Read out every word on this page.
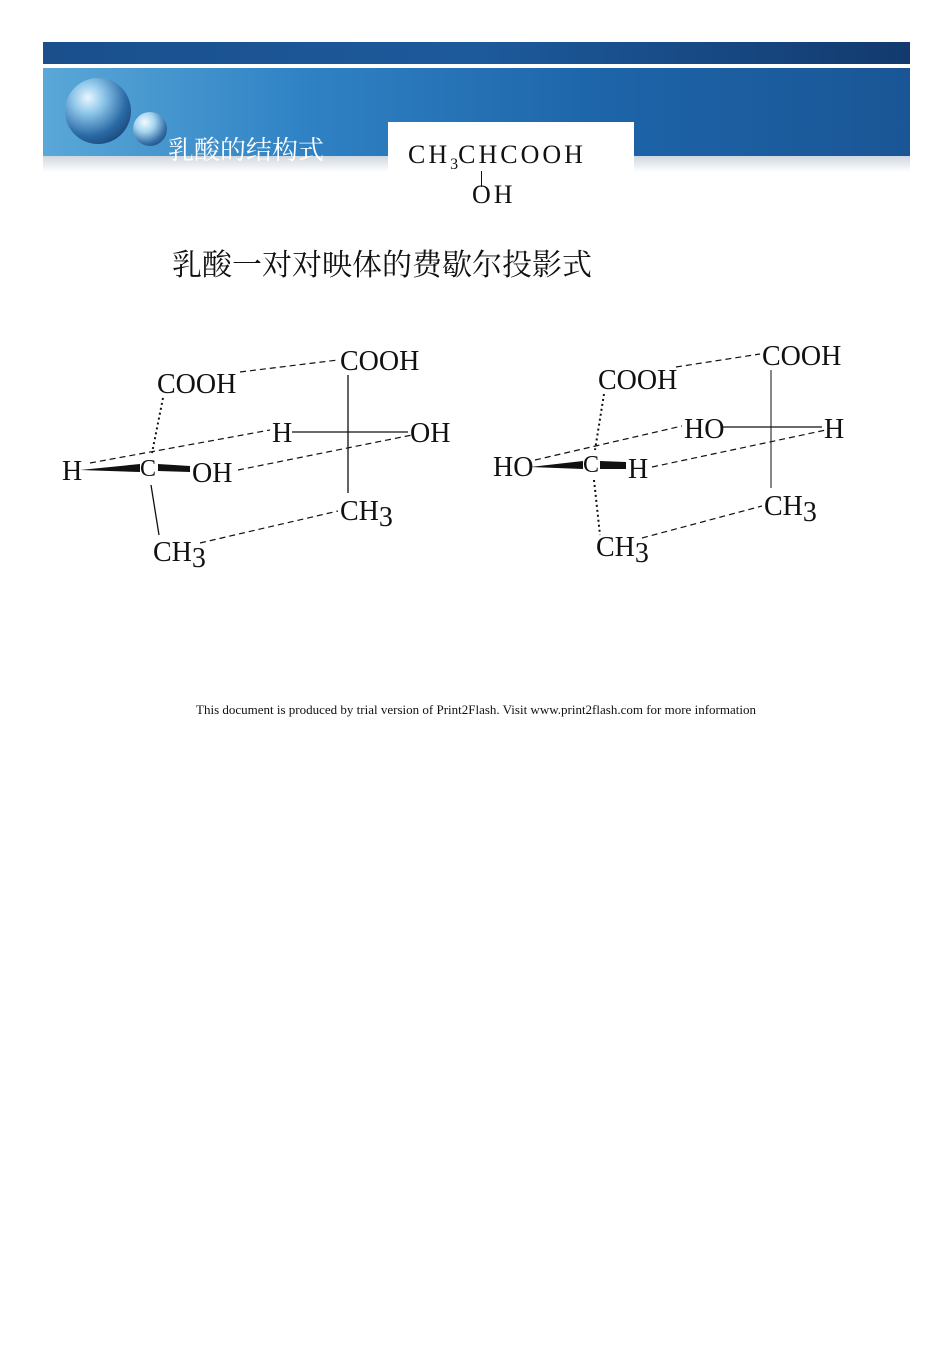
乳酸的结构式	$CH_3CHCOOH$
OH
乳酸一对对映体的费歇尔投影式
COOH
H C OH
CH3
COOH
H	OH
CH3
COOH
HO C H
CH3
COOH
HO	H
CH3
This document is produced by trial version of Print2Flash. Visit www.print2flash.com for more information
